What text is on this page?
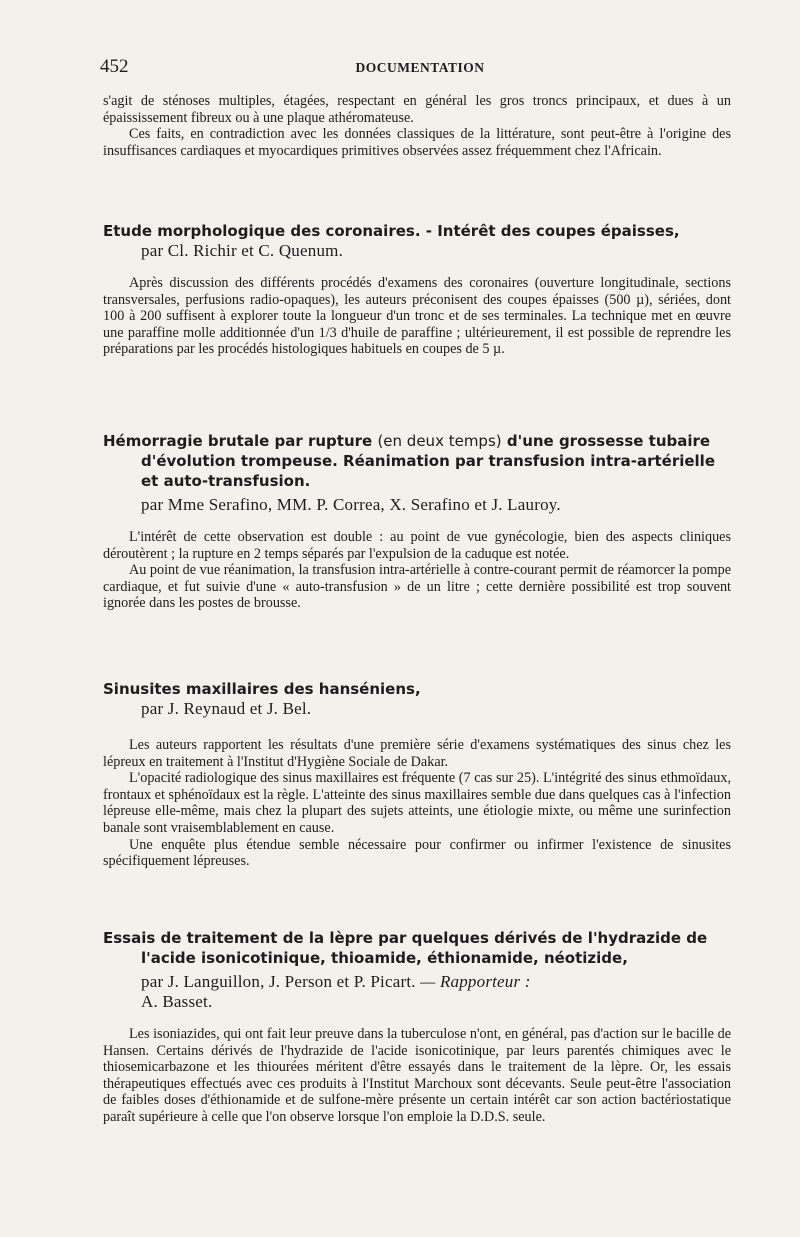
452	DOCUMENTATION

s'agit de sténoses multiples, étagées, respectant en général les gros troncs principaux, et dues à un épaississement fibreux ou à une plaque athéromateuse.

Ces faits, en contradiction avec les données classiques de la littérature, sont peut-être à l'origine des insuffisances cardiaques et myocardiques primitives observées assez fréquemment chez l'Africain.

Etude morphologique des coronaires. - Intérêt des coupes épaisses,
par Cl. Richir et C. Quenum.

Après discussion des différents procédés d'examens des coronaires (ouverture longitudinale, sections transversales, perfusions radio-opaques), les auteurs préconisent des coupes épaisses (500 µ), sériées, dont 100 à 200 suffisent à explorer toute la longueur d'un tronc et de ses terminales. La technique met en œuvre une paraffine molle additionnée d'un 1/3 d'huile de paraffine ; ultérieurement, il est possible de reprendre les préparations par les procédés histologiques habituels en coupes de 5 µ.

Hémorragie brutale par rupture (en deux temps) d'une grossesse tubaire
d'évolution trompeuse. Réanimation par transfusion intra-artérielle et auto-transfusion.
par Mme Serafino, MM. P. Correa, X. Serafino et J. Lauroy.

L'intérêt de cette observation est double : au point de vue gynécologie, bien des aspects cliniques déroutèrent ; la rupture en 2 temps séparés par l'expulsion de la caduque est notée.

Au point de vue réanimation, la transfusion intra-artérielle à contre-courant permit de réamorcer la pompe cardiaque, et fut suivie d'une « auto-transfusion » de un litre ; cette dernière possibilité est trop souvent ignorée dans les postes de brousse.

Sinusites maxillaires des hanséniens,
par J. Reynaud et J. Bel.

Les auteurs rapportent les résultats d'une première série d'examens systématiques des sinus chez les lépreux en traitement à l'Institut d'Hygiène Sociale de Dakar.

L'opacité radiologique des sinus maxillaires est fréquente (7 cas sur 25). L'intégrité des sinus ethmoïdaux, frontaux et sphénoïdaux est la règle. L'atteinte des sinus maxillaires semble due dans quelques cas à l'infection lépreuse elle-même, mais chez la plupart des sujets atteints, une étiologie mixte, ou même une surinfection banale sont vraisemblablement en cause.

Une enquête plus étendue semble nécessaire pour confirmer ou infirmer l'existence de sinusites spécifiquement lépreuses.

Essais de traitement de la lèpre par quelques dérivés de l'hydrazide de
l'acide isonicotinique, thioamide, éthionamide, néotizide,
par J. Languillon, J. Person et P. Picart. — Rapporteur :
A. Basset.

Les isoniazides, qui ont fait leur preuve dans la tuberculose n'ont, en général, pas d'action sur le bacille de Hansen. Certains dérivés de l'hydrazide de l'acide isonicotinique, par leurs parentés chimiques avec le thiosemicarbazone et les thiourées méritent d'être essayés dans le traitement de la lèpre. Or, les essais thérapeutiques effectués avec ces produits à l'Institut Marchoux sont décevants. Seule peut-être l'association de faibles doses d'éthionamide et de sulfone-mère présente un certain intérêt car son action bactériostatique paraît supérieure à celle que l'on observe lorsque l'on emploie la D.D.S. seule.
